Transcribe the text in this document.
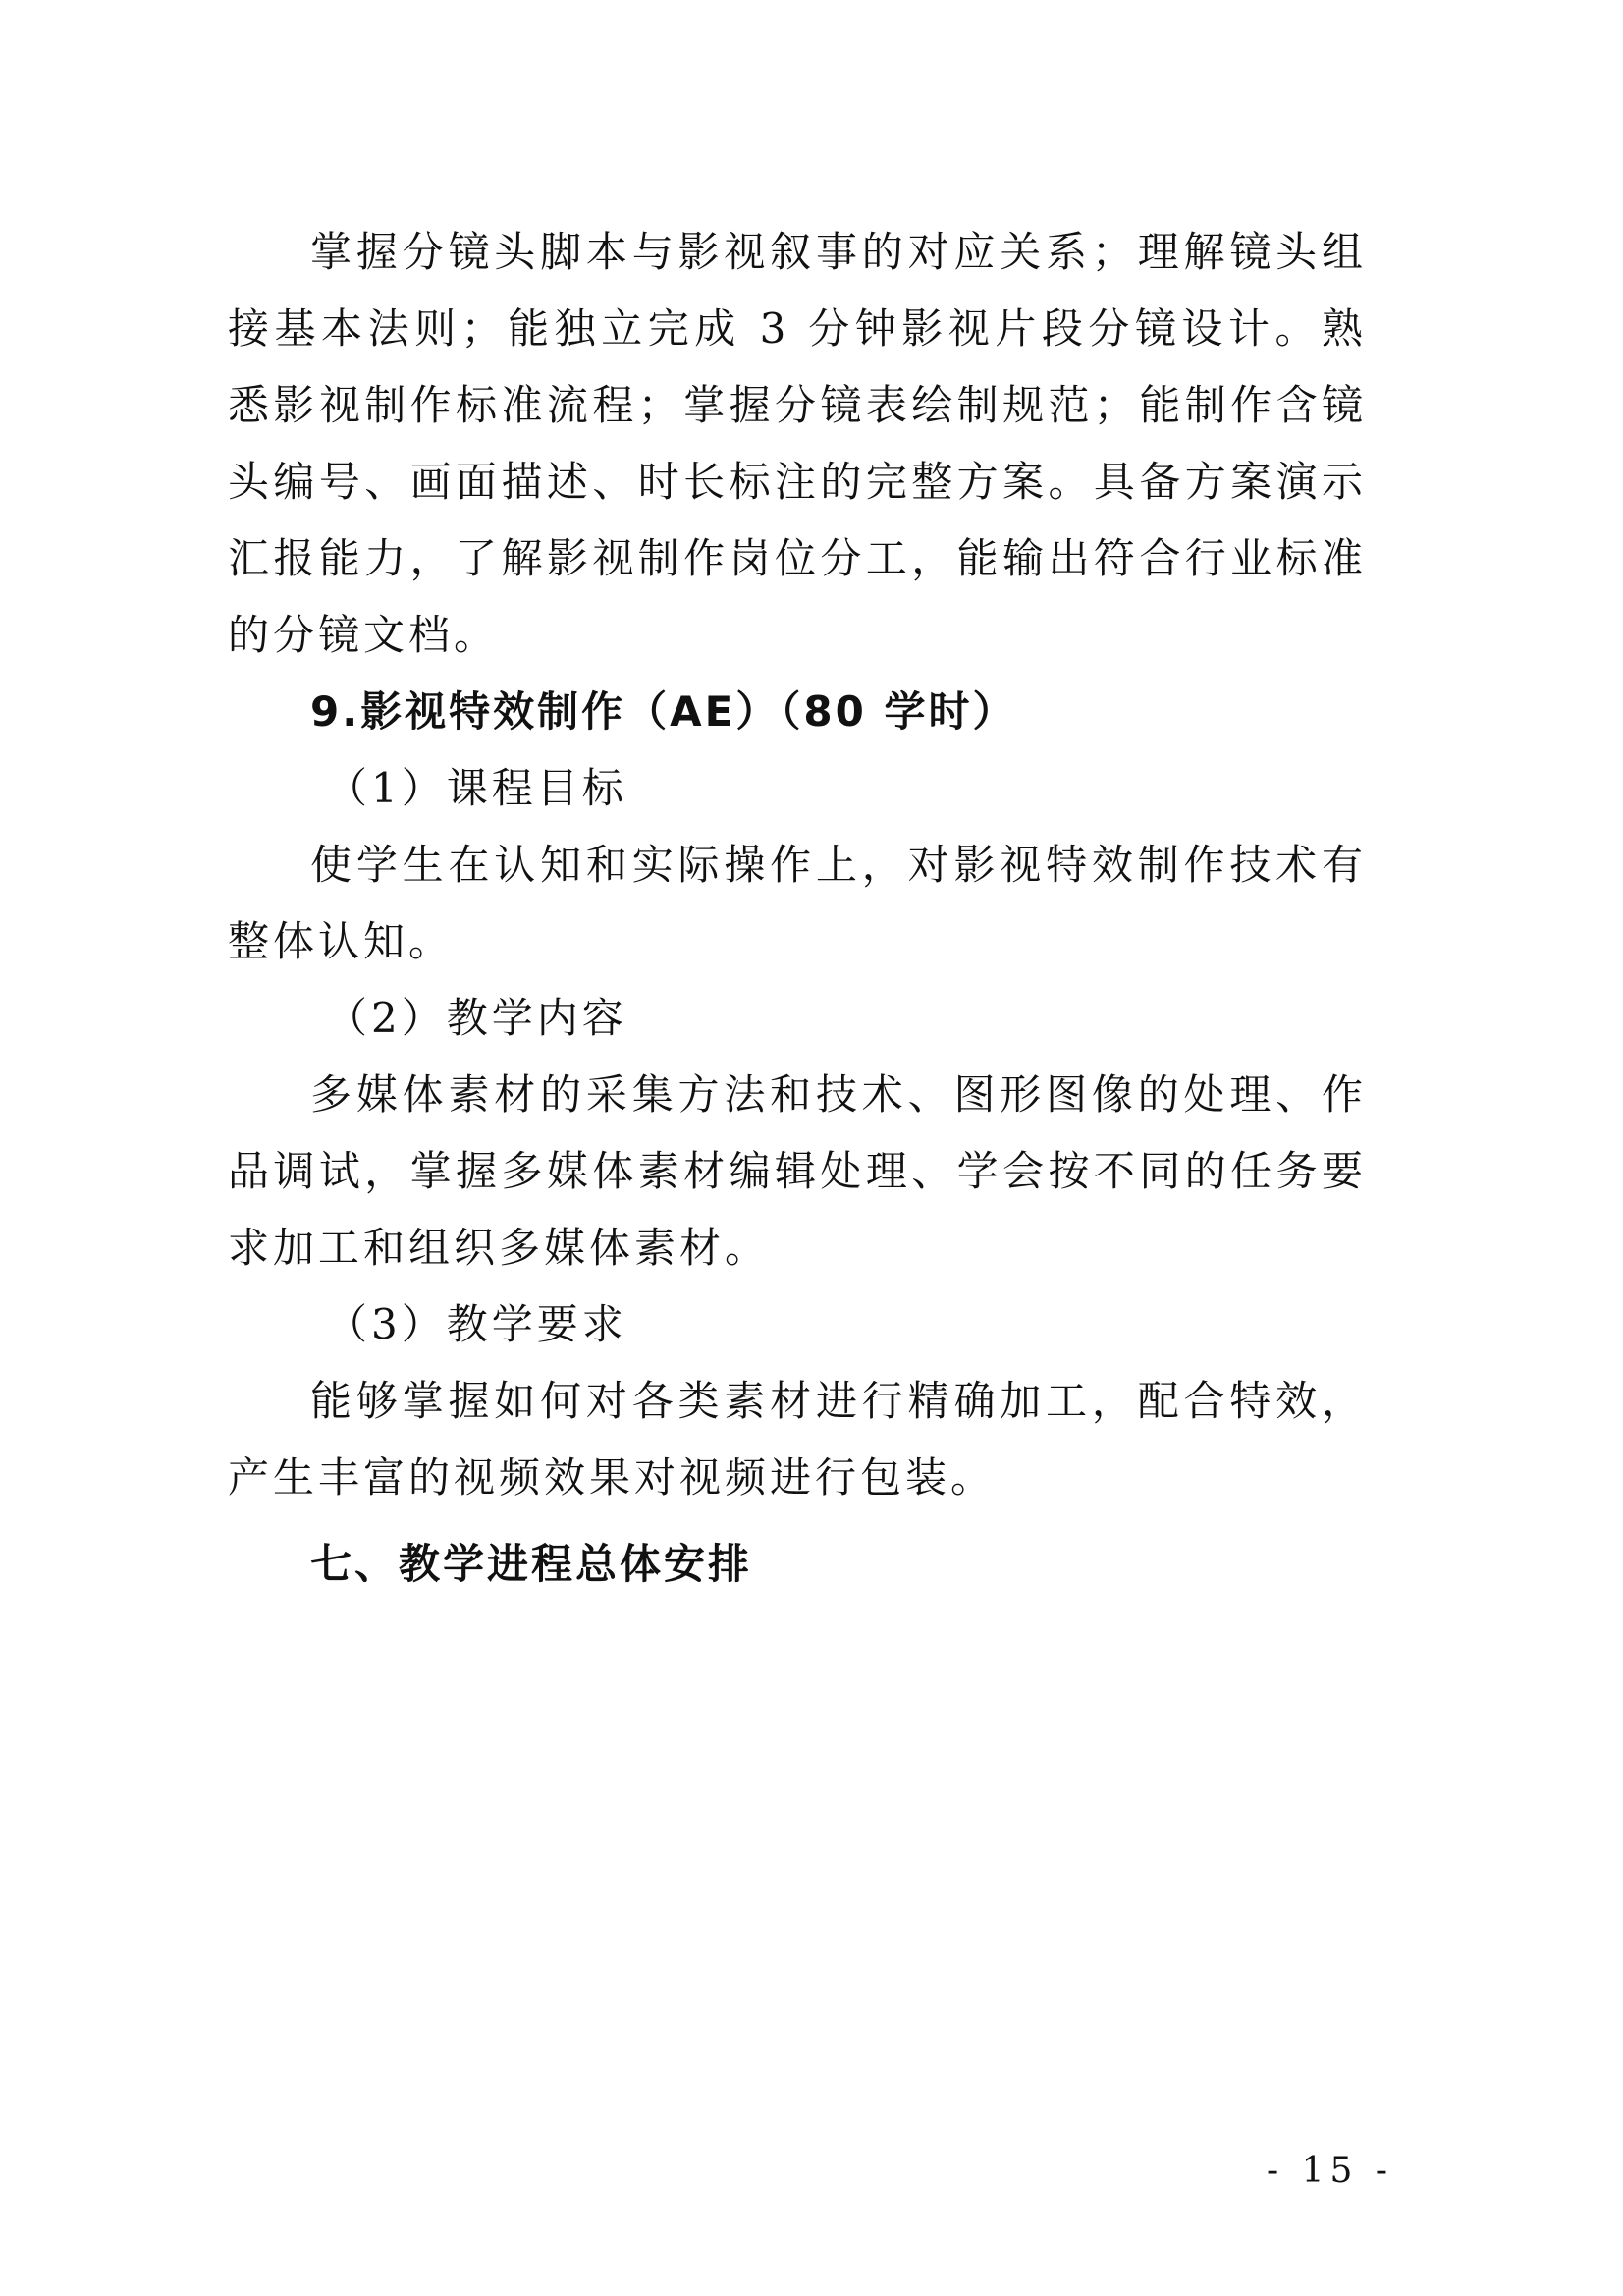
掌握分镜头脚本与影视叙事的对应关系；理解镜头组接基本法则；能独立完成 3 分钟影视片段分镜设计。熟悉影视制作标准流程；掌握分镜表绘制规范；能制作含镜头编号、画面描述、时长标注的完整方案。具备方案演示汇报能力，了解影视制作岗位分工，能输出符合行业标准的分镜文档。

9.影视特效制作（AE）（80 学时）

（1）课程目标

使学生在认知和实际操作上，对影视特效制作技术有整体认知。

（2）教学内容

多媒体素材的采集方法和技术、图形图像的处理、作品调试，掌握多媒体素材编辑处理、学会按不同的任务要求加工和组织多媒体素材。

（3）教学要求

能够掌握如何对各类素材进行精确加工，配合特效，产生丰富的视频效果对视频进行包装。

七、教学进程总体安排

- 15 -
